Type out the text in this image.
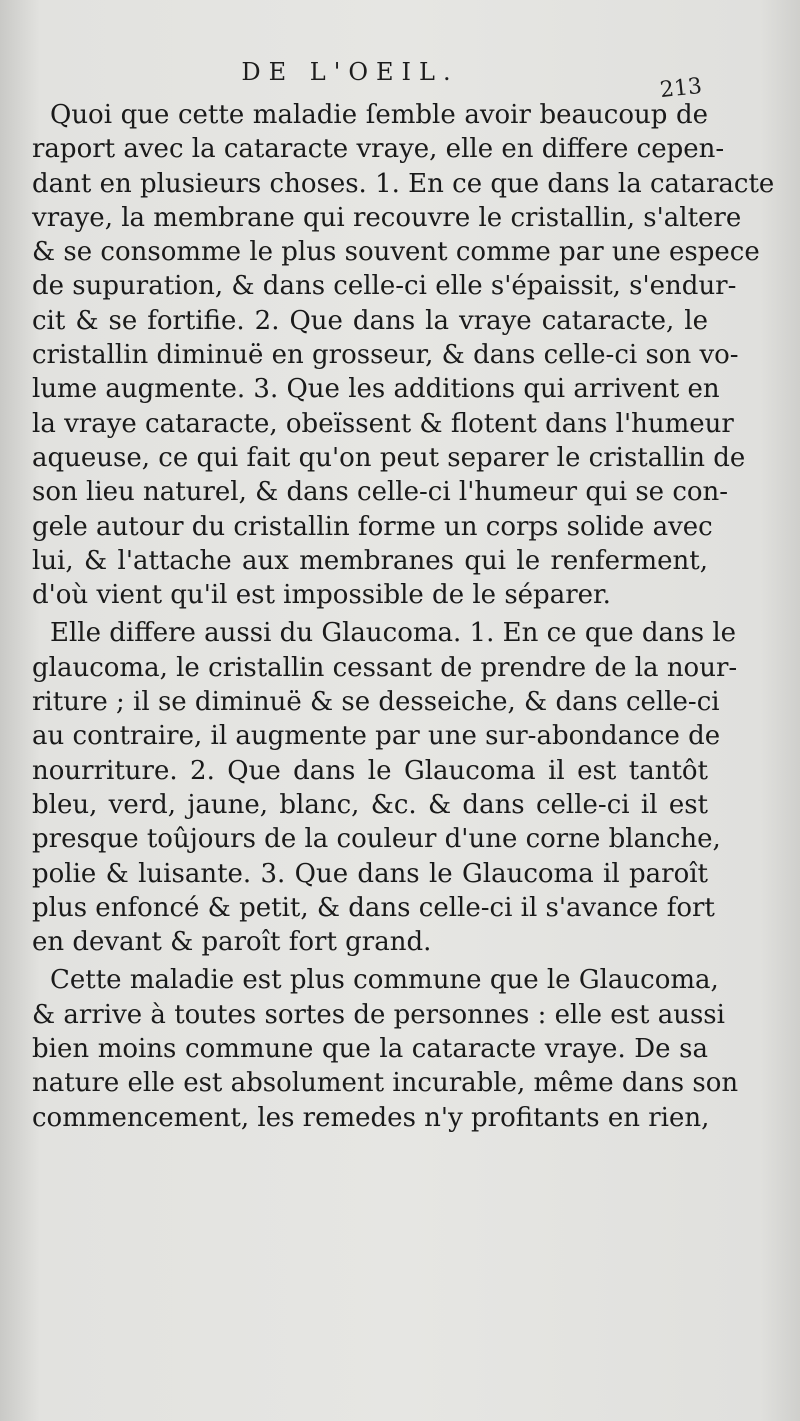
DE L'OEIL.
213

Quoi que cette maladie ſemble avoir beaucoup de
raport avec la cataracte vraye, elle en differe cepen-
dant en plusieurs choses. 1. En ce que dans la cataracte
vraye, la membrane qui recouvre le cristallin, s'altere
& se consomme le plus souvent comme par une espece
de supuration, & dans celle-ci elle s'épaissit, s'endur-
cit & se fortifie. 2. Que dans la vraye cataracte, le
cristallin diminuë en grosseur, & dans celle-ci son vo-
lume augmente. 3. Que les additions qui arrivent en
la vraye cataracte, obeïssent & flotent dans l'humeur
aqueuse, ce qui fait qu'on peut separer le cristallin de
son lieu naturel, & dans celle-ci l'humeur qui se con-
gele autour du cristallin forme un corps solide avec
lui, & l'attache aux membranes qui le renferment,
d'où vient qu'il est impossible de le séparer.

Elle differe aussi du Glaucoma. 1. En ce que dans le
glaucoma, le cristallin cessant de prendre de la nour-
riture ; il se diminuë & se desseiche, & dans celle-ci
au contraire, il augmente par une sur-abondance de
nourriture. 2. Que dans le Glaucoma il est tantôt
bleu, verd, jaune, blanc, &c. & dans celle-ci il est
presque toûjours de la couleur d'une corne blanche,
polie & luisante. 3. Que dans le Glaucoma il paroît
plus enfoncé & petit, & dans celle-ci il s'avance fort
en devant & paroît fort grand.

Cette maladie est plus commune que le Glaucoma,
& arrive à toutes sortes de personnes : elle est aussi
bien moins commune que la cataracte vraye. De sa
nature elle est absolument incurable, même dans son
commencement, les remedes n'y profitants en rien,
